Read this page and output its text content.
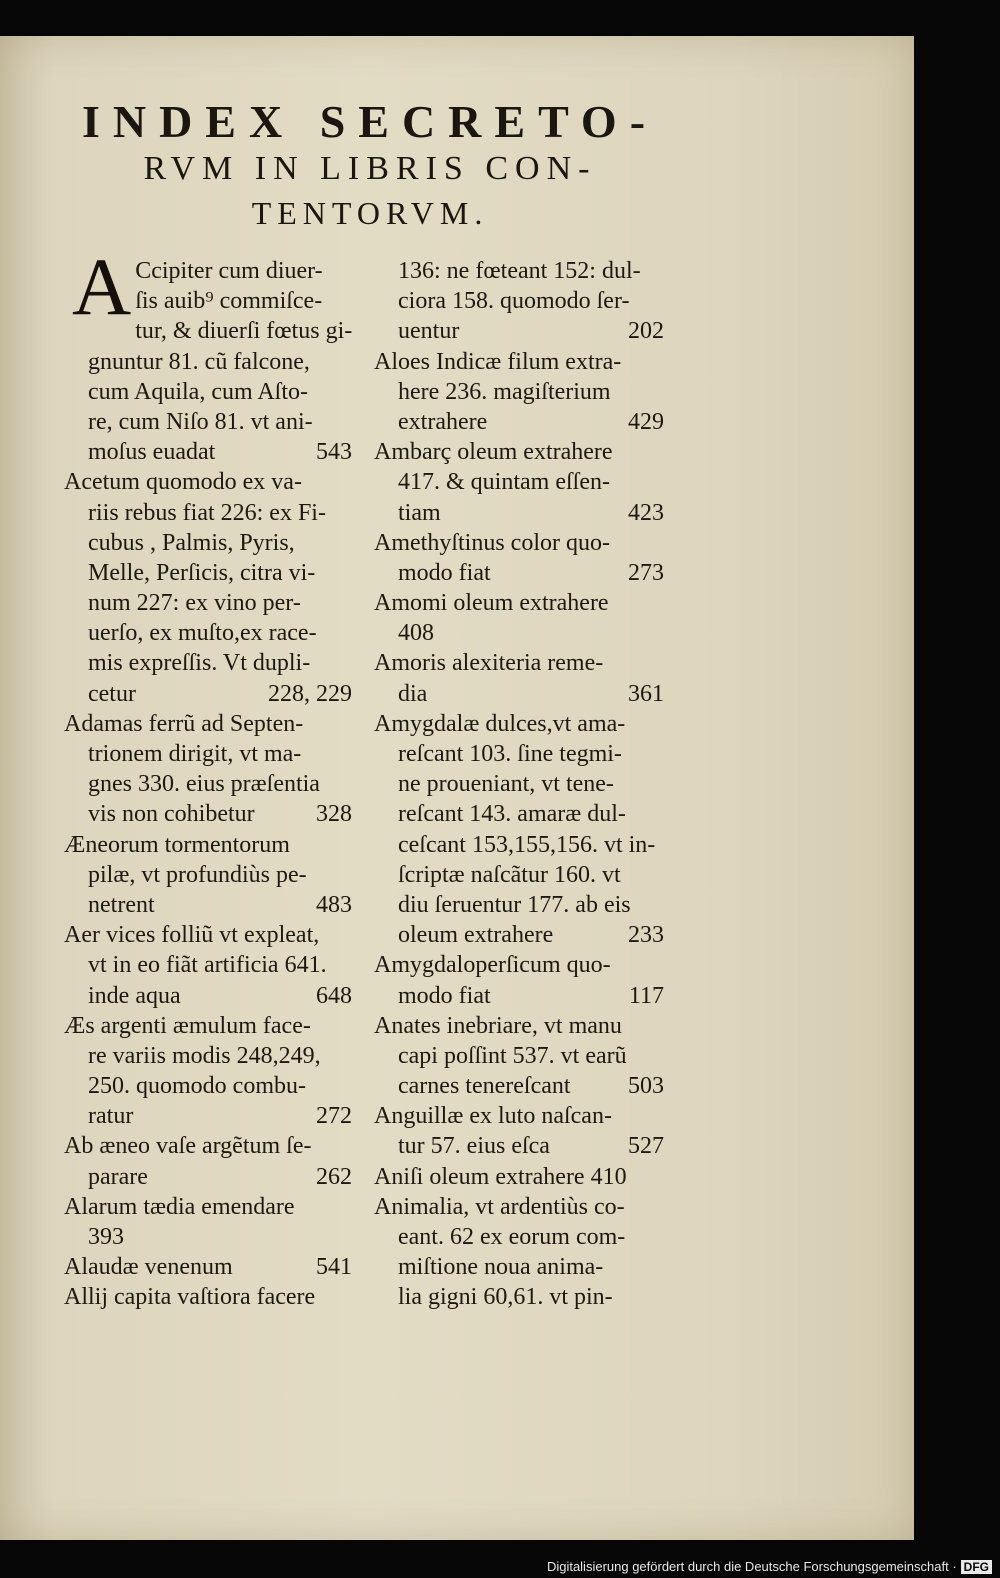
INDEX SECRETO-
RVM IN LIBRIS CON-
TENTORVM.
A Ccipiter cum diuer-
ſis auib⁹ commiſce-
tur, & diuerſi fœtus gi-
gnuntur 81. cũ falcone,
cum Aquila, cum Aſto-
re, cum Niſo 81. vt ani-
moſus euadat	543
Acetum quomodo ex va-
riis rebus fiat 226: ex Fi-
cubus , Palmis, Pyris,
Melle, Perſicis, citra vi-
num 227: ex vino per-
uerſo, ex muſto,ex race-
mis expreſſis. Vt dupli-
cetur	228, 229
Adamas ferrũ ad Septen-
trionem dirigit, vt ma-
gnes 330. eius præſentia
vis non cohibetur	328
Æneorum tormentorum
pilæ, vt profundiùs pe-
netrent	483
Aer vices folliũ vt expleat,
vt in eo fiãt artificia 641.
inde aqua	648
Æs argenti æmulum face-
re variis modis 248,249,
250. quomodo combu-
ratur	272
Ab æneo vaſe argẽtum ſe-
parare	262
Alarum tædia emendare
393
Alaudæ venenum	541
Allij capita vaſtiora facere
136: ne fœteant 152: dul-
ciora 158. quomodo ſer-
uentur	202
Aloes Indicæ filum extra-
here 236. magiſterium
extrahere	429
Ambarç oleum extrahere
417. & quintam eſſen-
tiam	423
Amethyſtinus color quo-
modo fiat	273
Amomi oleum extrahere
408
Amoris alexiteria reme-
dia	361
Amygdalæ dulces,vt ama-
reſcant 103. ſine tegmi-
ne proueniant, vt tene-
reſcant 143. amaræ dul-
ceſcant 153,155,156. vt in-
ſcriptæ naſcãtur 160. vt
diu ſeruentur 177. ab eis
oleum extrahere	233
Amygdaloperſicum quo-
modo fiat	117
Anates inebriare, vt manu
capi poſſint 537. vt earũ
carnes tenereſcant 503
Anguillæ ex luto naſcan-
tur 57. eius eſca	527
Aniſi oleum extrahere 410
Animalia, vt ardentiùs co-
eant. 62 ex eorum com-
miſtione noua anima-
lia gigni 60,61. vt pin-
Digitalisierung gefördert durch die Deutsche Forschungsgemeinschaft · DFG
